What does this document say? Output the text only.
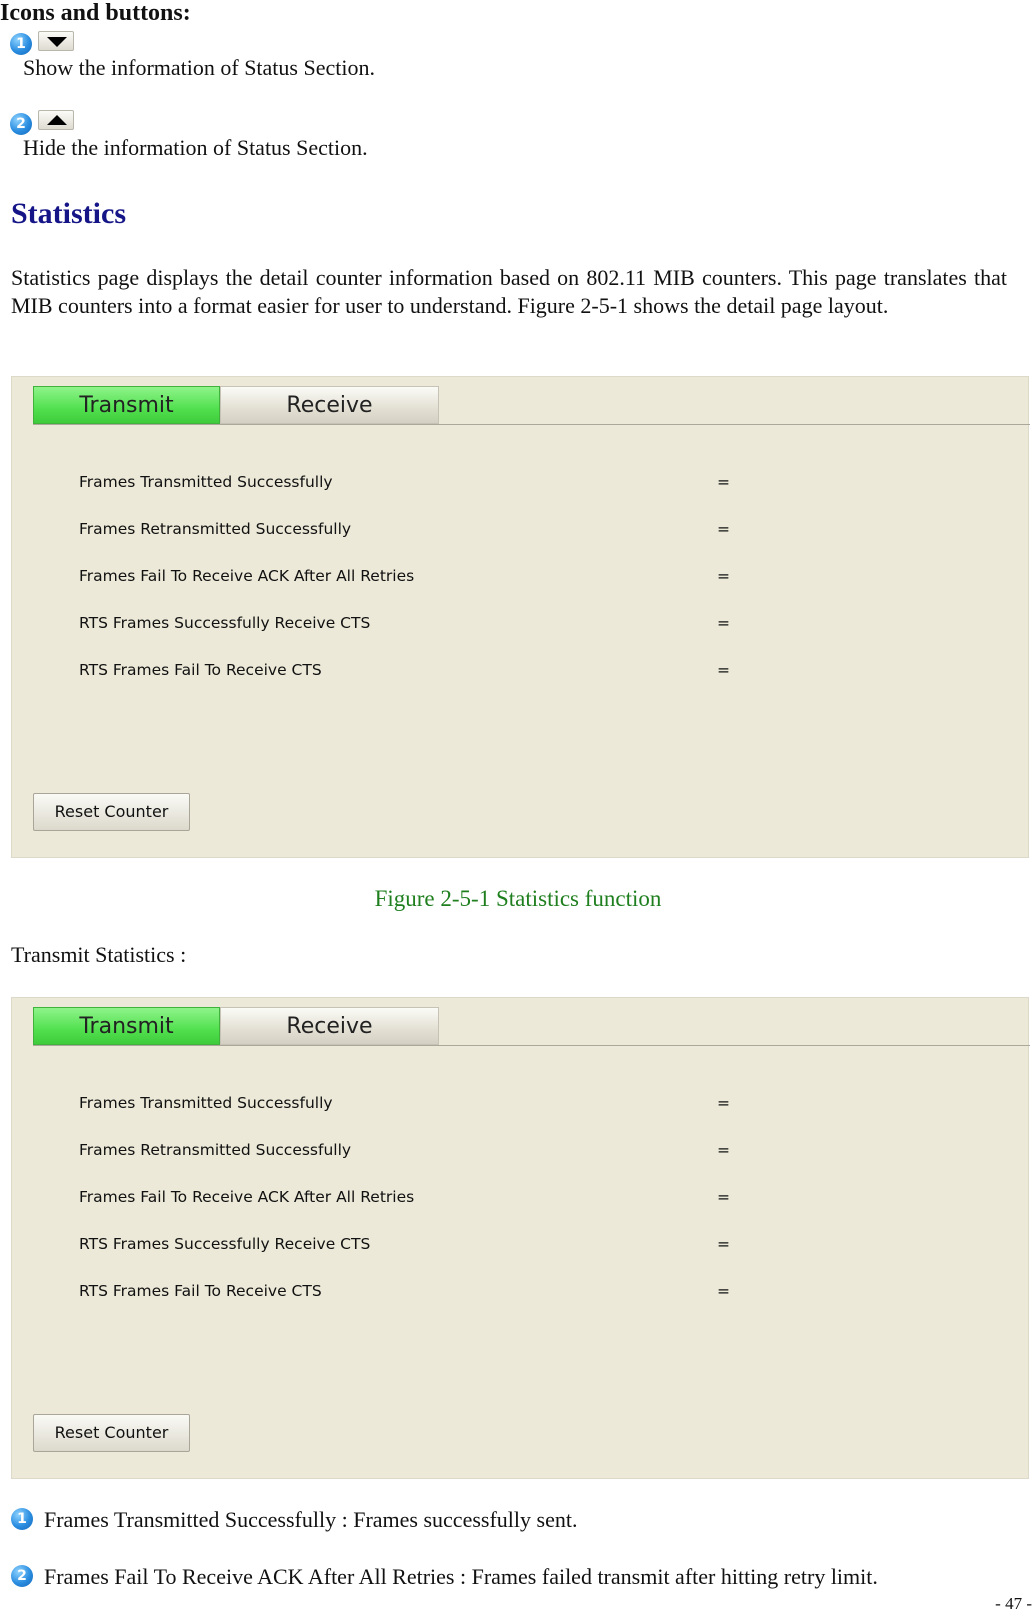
Icons and buttons:
1
Show the information of Status Section.
2
Hide the information of Status Section.
Statistics
Statistics page displays the detail counter information based on 802.11 MIB counters. This page translates that MIB counters into a format easier for user to understand. Figure 2-5-1 shows the detail page layout.
Transmit	Receive
Frames Transmitted Successfully	=
Frames Retransmitted Successfully	=
Frames Fail To Receive ACK After All Retries	=
RTS Frames Successfully Receive CTS	=
RTS Frames Fail To Receive CTS	=
Reset Counter
Figure 2-5-1 Statistics function
Transmit Statistics :
Transmit	Receive
Frames Transmitted Successfully	=
Frames Retransmitted Successfully	=
Frames Fail To Receive ACK After All Retries	=
RTS Frames Successfully Receive CTS	=
RTS Frames Fail To Receive CTS	=
Reset Counter
1 Frames Transmitted Successfully : Frames successfully sent.
2 Frames Fail To Receive ACK After All Retries : Frames failed transmit after hitting retry limit.
- 47 -
